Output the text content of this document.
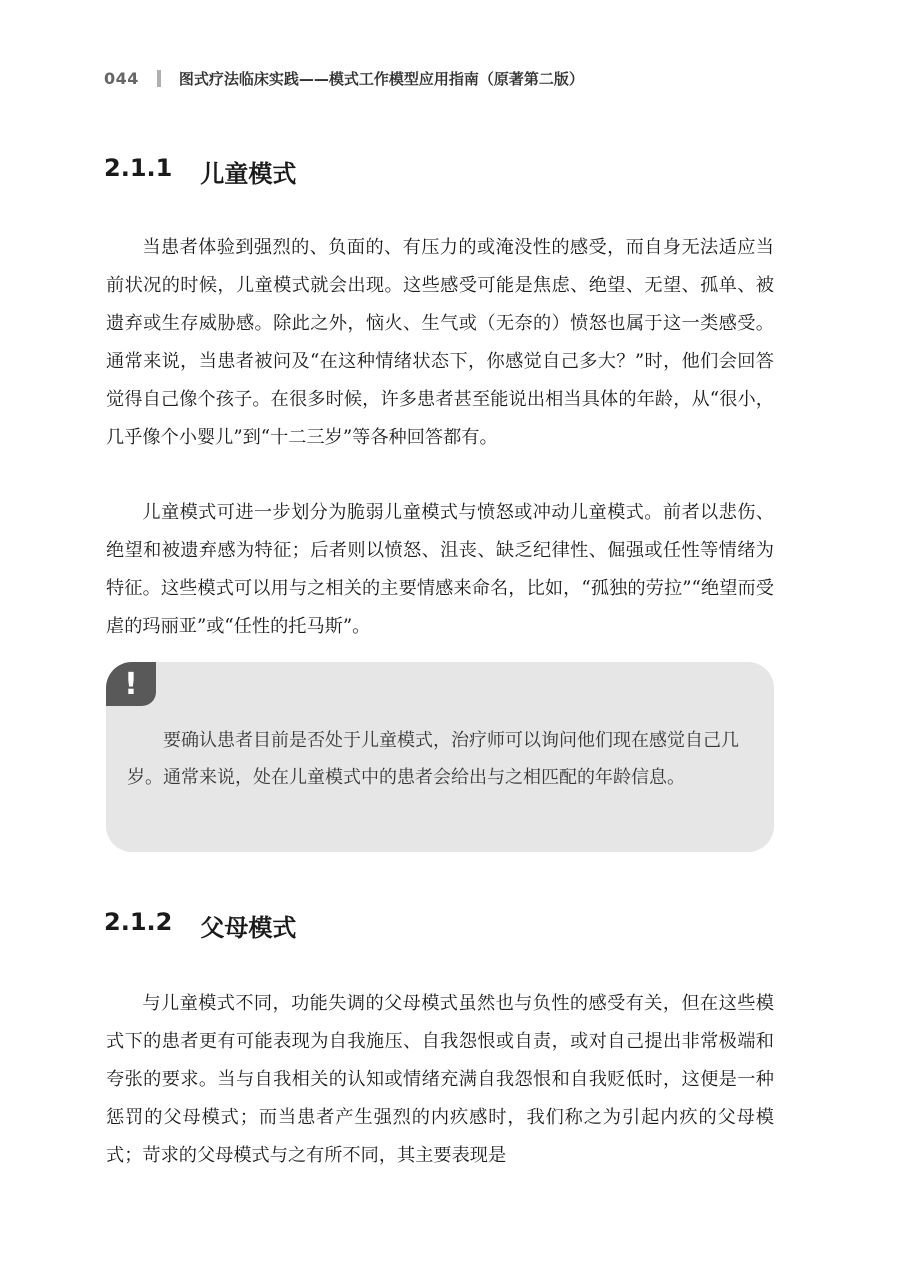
044	图式疗法临床实践——模式工作模型应用指南（原著第二版）
2.1.1 儿童模式

当患者体验到强烈的、负面的、有压力的或淹没性的感受，而自身无法适应当前状况的时候，儿童模式就会出现。这些感受可能是焦虑、绝望、无望、孤单、被遗弃或生存威胁感。除此之外，恼火、生气或（无奈的）愤怒也属于这一类感受。通常来说，当患者被问及“在这种情绪状态下，你感觉自己多大？”时，他们会回答觉得自己像个孩子。在很多时候，许多患者甚至能说出相当具体的年龄，从“很小，几乎像个小婴儿”到“十二三岁”等各种回答都有。

儿童模式可进一步划分为脆弱儿童模式与愤怒或冲动儿童模式。前者以悲伤、绝望和被遗弃感为特征；后者则以愤怒、沮丧、缺乏纪律性、倔强或任性等情绪为特征。这些模式可以用与之相关的主要情感来命名，比如，“孤独的劳拉”“绝望而受虐的玛丽亚”或“任性的托马斯”。

!

要确认患者目前是否处于儿童模式，治疗师可以询问他们现在感觉自己几岁。通常来说，处在儿童模式中的患者会给出与之相匹配的年龄信息。

2.1.2 父母模式

与儿童模式不同，功能失调的父母模式虽然也与负性的感受有关，但在这些模式下的患者更有可能表现为自我施压、自我怨恨或自责，或对自己提出非常极端和夸张的要求。当与自我相关的认知或情绪充满自我怨恨和自我贬低时，这便是一种惩罚的父母模式；而当患者产生强烈的内疚感时，我们称之为引起内疚的父母模式；苛求的父母模式与之有所不同，其主要表现是
